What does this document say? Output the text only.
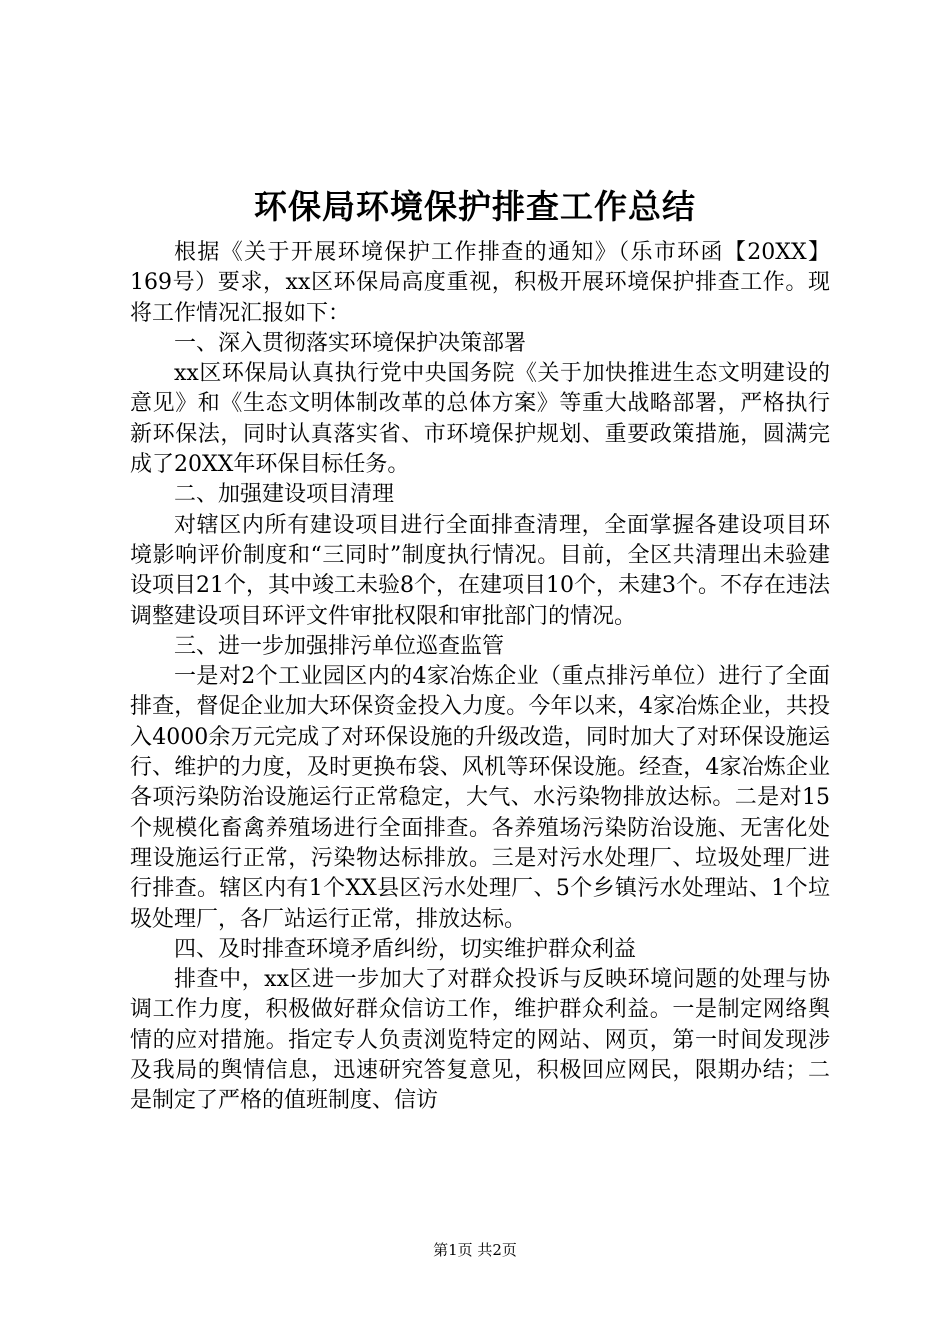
环保局环境保护排查工作总结

根据《关于开展环境保护工作排查的通知》（乐市环函【20XX】169号）要求，xx区环保局高度重视，积极开展环境保护排查工作。现将工作情况汇报如下：

一、深入贯彻落实环境保护决策部署

xx区环保局认真执行党中央国务院《关于加快推进生态文明建设的意见》和《生态文明体制改革的总体方案》等重大战略部署，严格执行新环保法，同时认真落实省、市环境保护规划、重要政策措施，圆满完成了20XX年环保目标任务。

二、加强建设项目清理

对辖区内所有建设项目进行全面排查清理，全面掌握各建设项目环境影响评价制度和“三同时”制度执行情况。目前，全区共清理出未验建设项目21个，其中竣工未验8个，在建项目10个，未建3个。不存在违法调整建设项目环评文件审批权限和审批部门的情况。

三、进一步加强排污单位巡查监管

一是对2个工业园区内的4家冶炼企业（重点排污单位）进行了全面排查，督促企业加大环保资金投入力度。今年以来，4家冶炼企业，共投入4000余万元完成了对环保设施的升级改造，同时加大了对环保设施运行、维护的力度，及时更换布袋、风机等环保设施。经查，4家冶炼企业各项污染防治设施运行正常稳定，大气、水污染物排放达标。二是对15个规模化畜禽养殖场进行全面排查。各养殖场污染防治设施、无害化处理设施运行正常，污染物达标排放。三是对污水处理厂、垃圾处理厂进行排查。辖区内有1个XX县区污水处理厂、5个乡镇污水处理站、1个垃圾处理厂，各厂站运行正常，排放达标。

四、及时排查环境矛盾纠纷，切实维护群众利益

排查中，xx区进一步加大了对群众投诉与反映环境问题的处理与协调工作力度，积极做好群众信访工作，维护群众利益。一是制定网络舆情的应对措施。指定专人负责浏览特定的网站、网页，第一时间发现涉及我局的舆情信息，迅速研究答复意见，积极回应网民，限期办结；二是制定了严格的值班制度、信访

第1页 共2页
